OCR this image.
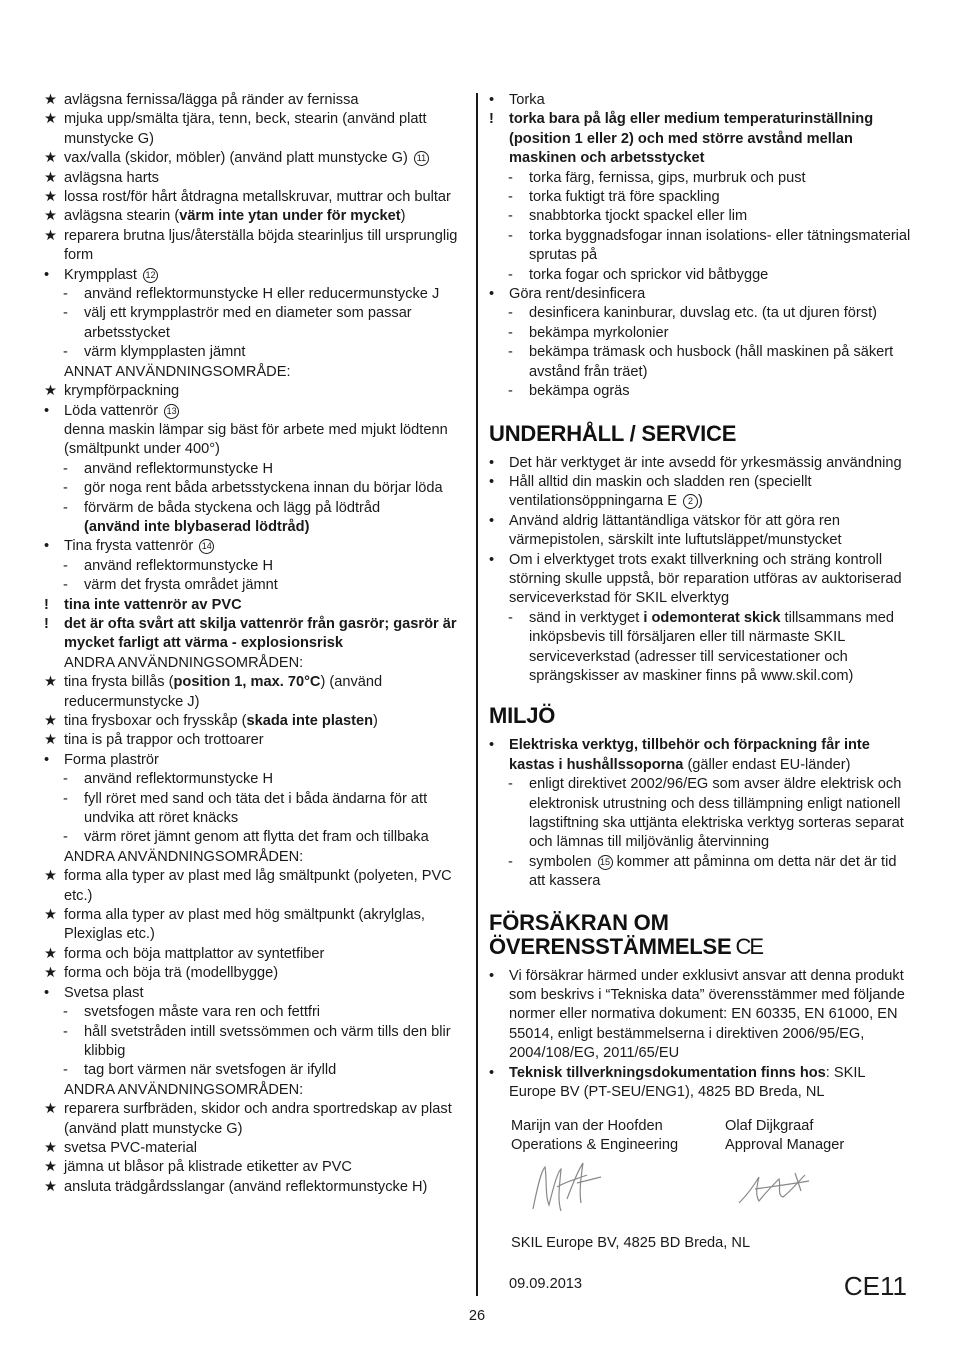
★ avlägsna fernissa/lägga på ränder av fernissa
★ mjuka upp/smälta tjära, tenn, beck, stearin (använd platt munstycke G)
★ vax/valla (skidor, möbler) (använd platt munstycke G) 11
★ avlägsna harts
★ lossa rost/för hårt åtdragna metallskruvar, muttrar och bultar
★ avlägsna stearin (värm inte ytan under för mycket)
★ reparera brutna ljus/återställa böjda stearinljus till ursprunglig form
• Krympplast 12
- använd reflektormunstycke H eller reducermunstycke J
- välj ett krympplaströr med en diameter som passar arbetsstycket
- värm klympplasten jämnt
ANNAT ANVÄNDNINGSOMRÅDE:
★ krympförpackning
• Löda vattenrör 13
denna maskin lämpar sig bäst för arbete med mjukt lödtenn (smältpunkt under 400°)
- använd reflektormunstycke H
- gör noga rent båda arbetsstyckena innan du börjar löda
- förvärm de båda styckena och lägg på lödtråd
(använd inte blybaserad lödtråd)
• Tina frysta vattenrör 14
- använd reflektormunstycke H
- värm det frysta området jämnt
! tina inte vattenrör av PVC
! det är ofta svårt att skilja vattenrör från gasrör; gasrör är mycket farligt att värma - explosionsrisk
ANDRA ANVÄNDNINGSOMRÅDEN:
★ tina frysta billås (position 1, max. 70°C) (använd reducermunstycke J)
★ tina frysboxar och frysskåp (skada inte plasten)
★ tina is på trappor och trottoarer
• Forma plaströr
- använd reflektormunstycke H
- fyll röret med sand och täta det i båda ändarna för att undvika att röret knäcks
- värm röret jämnt genom att flytta det fram och tillbaka
ANDRA ANVÄNDNINGSOMRÅDEN:
★ forma alla typer av plast med låg smältpunkt (polyeten, PVC etc.)
★ forma alla typer av plast med hög smältpunkt (akrylglas, Plexiglas etc.)
★ forma och böja mattplattor av syntetfiber
★ forma och böja trä (modellbygge)
• Svetsa plast
- svetsfogen måste vara ren och fettfri
- håll svetstråden intill svetssömmen och värm tills den blir klibbig
- tag bort värmen när svetsfogen är ifylld
ANDRA ANVÄNDNINGSOMRÅDEN:
★ reparera surfbräden, skidor och andra sportredskap av plast (använd platt munstycke G)
★ svetsa PVC-material
★ jämna ut blåsor på klistrade etiketter av PVC
★ ansluta trädgårdsslangar (använd reflektormunstycke H)
• Torka
! torka bara på låg eller medium temperaturinställning (position 1 eller 2) och med större avstånd mellan maskinen och arbetsstycket
- torka färg, fernissa, gips, murbruk och pust
- torka fuktigt trä före spackling
- snabbtorka tjockt spackel eller lim
- torka byggnadsfogar innan isolations- eller tätningsmaterial sprutas på
- torka fogar och sprickor vid båtbygge
• Göra rent/desinficera
- desinficera kaninburar, duvslag etc. (ta ut djuren först)
- bekämpa myrkolonier
- bekämpa trämask och husbock (håll maskinen på säkert avstånd från träet)
- bekämpa ogräs
UNDERHÅLL / SERVICE
• Det här verktyget är inte avsedd för yrkesmässig användning
• Håll alltid din maskin och sladden ren (speciellt ventilationsöppningarna E 2 )
• Använd aldrig lättantändliga vätskor för att göra ren värmepistolen, särskilt inte luftutsläppet/munstycket
• Om i elverktyget trots exakt tillverkning och sträng kontroll störning skulle uppstå, bör reparation utföras av auktoriserad serviceverkstad för SKIL elverktyg
- sänd in verktyget i odemonterat skick tillsammans med inköpsbevis till försäljaren eller till närmaste SKIL serviceverkstad (adresser till servicestationer och sprängskisser av maskiner finns på www.skil.com)
MILJÖ
• Elektriska verktyg, tillbehör och förpackning får inte kastas i hushållssoporna (gäller endast EU-länder)
- enligt direktivet 2002/96/EG som avser äldre elektrisk och elektronisk utrustning och dess tillämpning enligt nationell lagstiftning ska uttjänta elektriska verktyg sorteras separat och lämnas till miljövänlig återvinning
- symbolen 15 kommer att påminna om detta när det är tid att kassera
FÖRSÄKRAN OM
ÖVERENSSTÄMMELSE CE
• Vi försäkrar härmed under exklusivt ansvar att denna produkt som beskrivs i “Tekniska data” överensstämmer med följande normer eller normativa dokument: EN 60335, EN 61000, EN 55014, enligt bestämmelserna i direktiven 2006/95/EG, 2004/108/EG, 2011/65/EU
• Teknisk tillverkningsdokumentation finns hos: SKIL Europe BV (PT-SEU/ENG1), 4825 BD Breda, NL
Marijn van der Hoofden
Operations & Engineering
Olaf Dijkgraaf
Approval Manager
SKIL Europe BV, 4825 BD Breda, NL
09.09.2013	CE11
26
